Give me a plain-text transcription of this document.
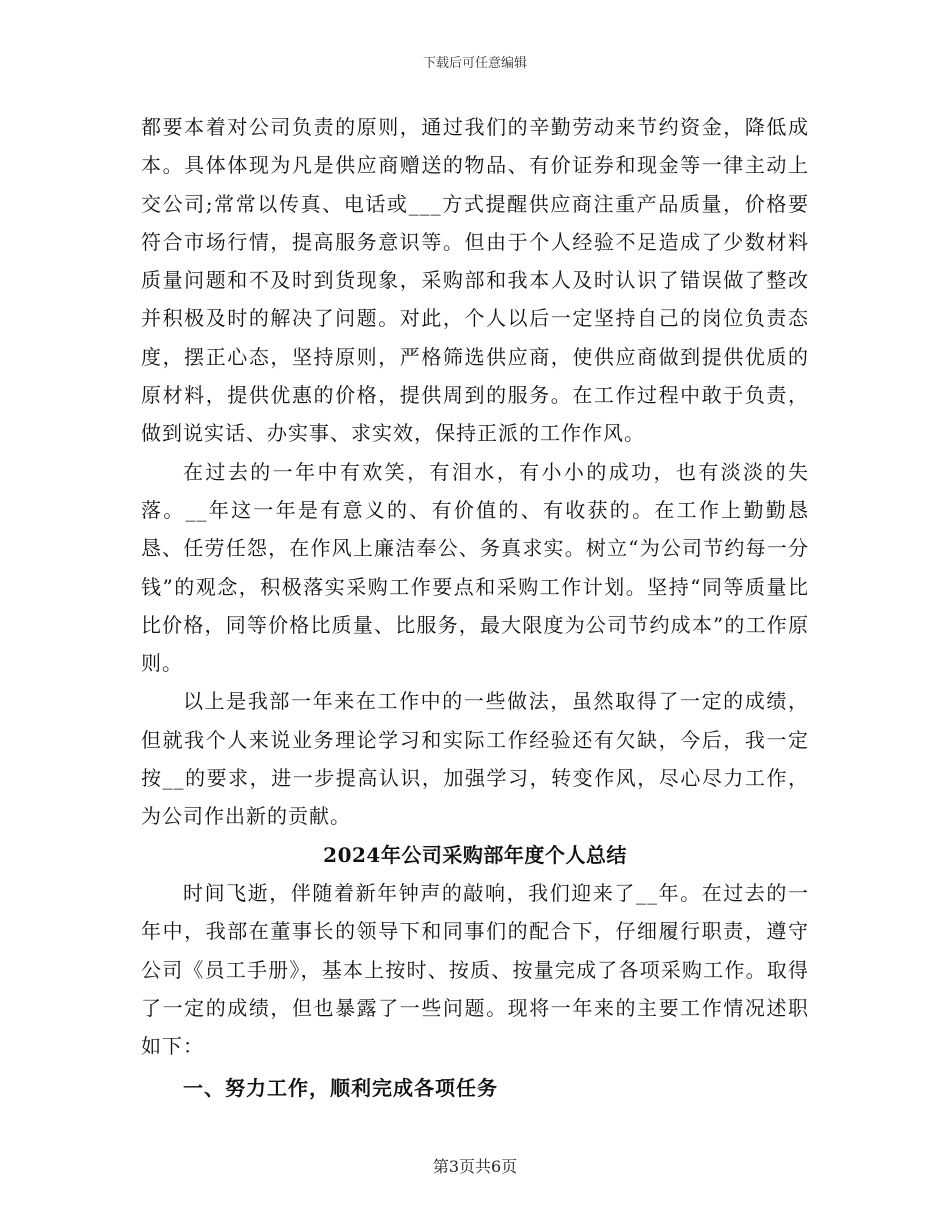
下载后可任意编辑

都要本着对公司负责的原则，通过我们的辛勤劳动来节约资金，降低成本。具体体现为凡是供应商赠送的物品、有价证券和现金等一律主动上交公司;常常以传真、电话或___方式提醒供应商注重产品质量，价格要符合市场行情，提高服务意识等。但由于个人经验不足造成了少数材料质量问题和不及时到货现象，采购部和我本人及时认识了错误做了整改并积极及时的解决了问题。对此，个人以后一定坚持自己的岗位负责态度，摆正心态，坚持原则，严格筛选供应商，使供应商做到提供优质的原材料，提供优惠的价格，提供周到的服务。在工作过程中敢于负责，做到说实话、办实事、求实效，保持正派的工作作风。

在过去的一年中有欢笑，有泪水，有小小的成功，也有淡淡的失落。__年这一年是有意义的、有价值的、有收获的。在工作上勤勤恳恳、任劳任怨，在作风上廉洁奉公、务真求实。树立“为公司节约每一分钱”的观念，积极落实采购工作要点和采购工作计划。坚持“同等质量比比价格，同等价格比质量、比服务，最大限度为公司节约成本”的工作原则。

以上是我部一年来在工作中的一些做法，虽然取得了一定的成绩，但就我个人来说业务理论学习和实际工作经验还有欠缺，今后，我一定按__的要求，进一步提高认识，加强学习，转变作风，尽心尽力工作，为公司作出新的贡献。

2024年公司采购部年度个人总结

时间飞逝，伴随着新年钟声的敲响，我们迎来了__年。在过去的一年中，我部在董事长的领导下和同事们的配合下，仔细履行职责，遵守公司《员工手册》，基本上按时、按质、按量完成了各项采购工作。取得了一定的成绩，但也暴露了一些问题。现将一年来的主要工作情况述职如下：

一、努力工作，顺利完成各项任务

第3页共6页
